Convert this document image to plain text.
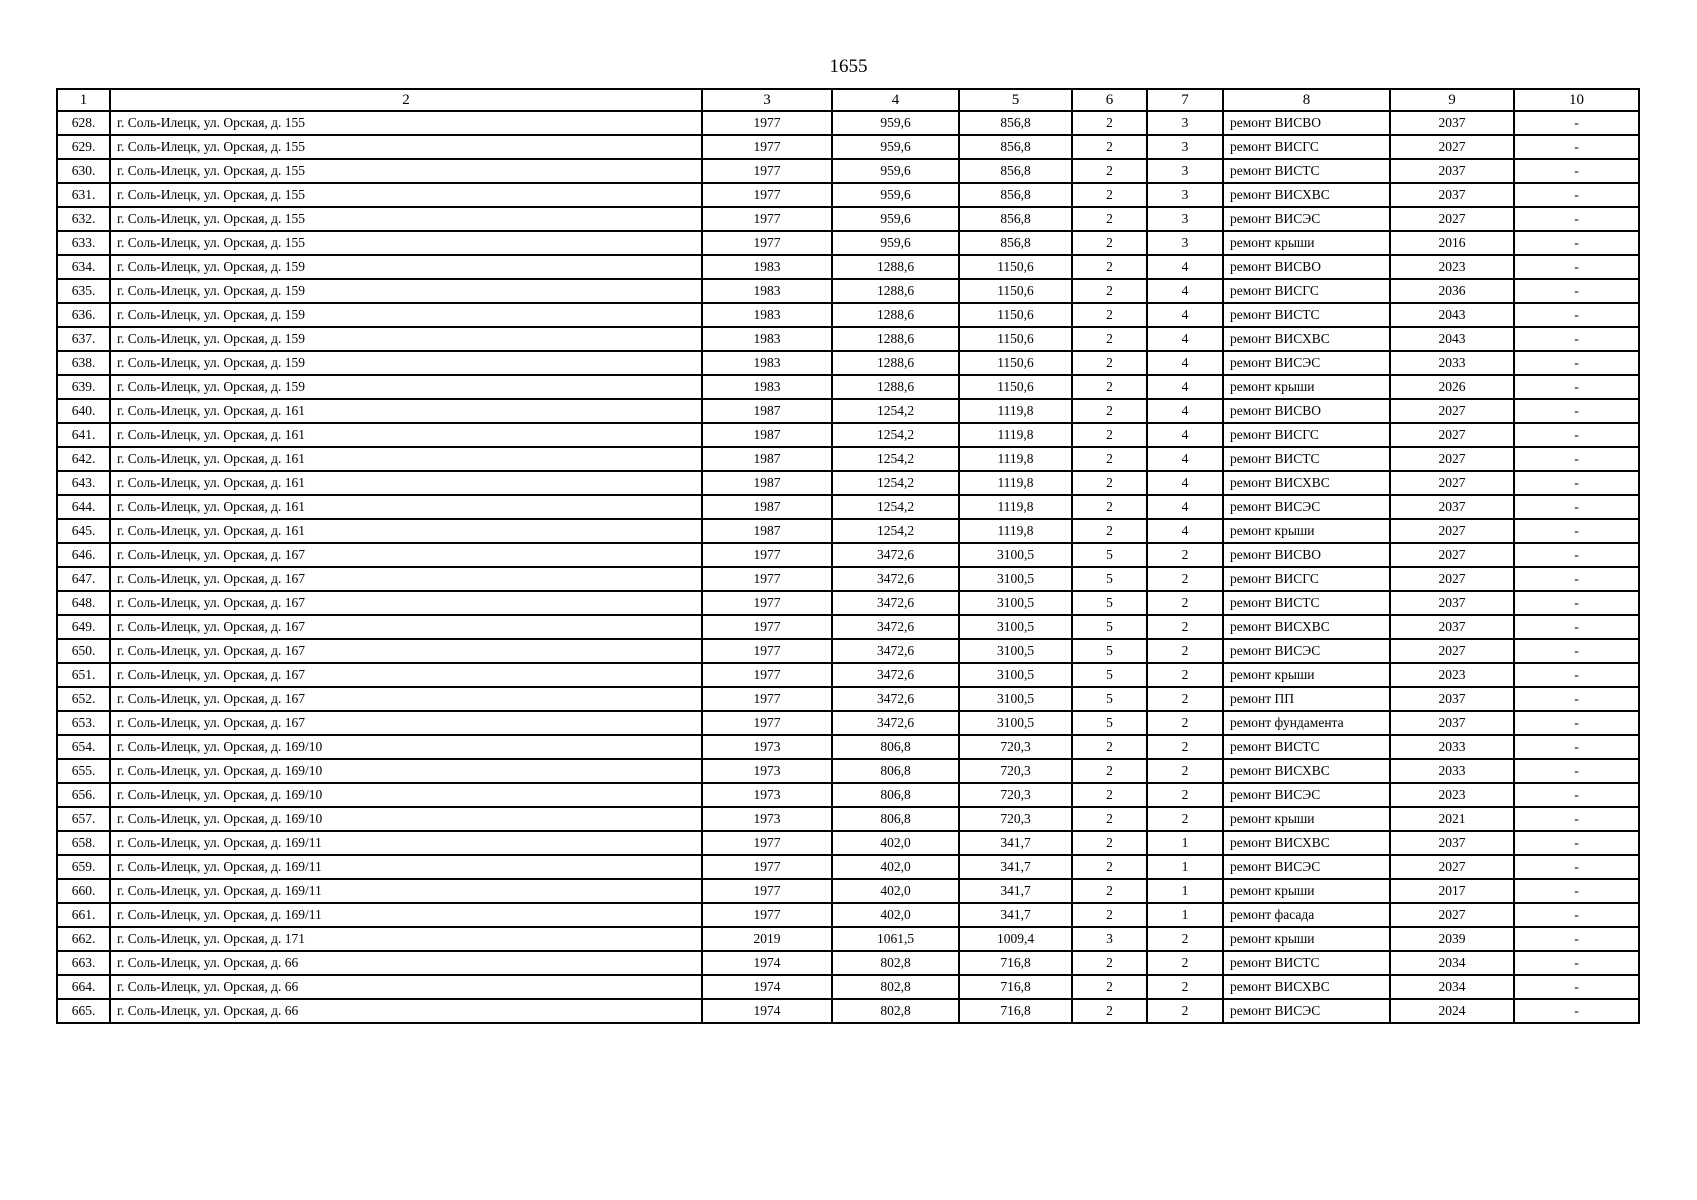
1655
1	2	3	4	5	6	7	8	9	10
628.	г. Соль-Илецк, ул. Орская, д. 155	1977	959,6	856,8	2	3	ремонт ВИСВО	2037	-
629.	г. Соль-Илецк, ул. Орская, д. 155	1977	959,6	856,8	2	3	ремонт ВИСГС	2027	-
630.	г. Соль-Илецк, ул. Орская, д. 155	1977	959,6	856,8	2	3	ремонт ВИСТС	2037	-
631.	г. Соль-Илецк, ул. Орская, д. 155	1977	959,6	856,8	2	3	ремонт ВИСХВС	2037	-
632.	г. Соль-Илецк, ул. Орская, д. 155	1977	959,6	856,8	2	3	ремонт ВИСЭС	2027	-
633.	г. Соль-Илецк, ул. Орская, д. 155	1977	959,6	856,8	2	3	ремонт крыши	2016	-
634.	г. Соль-Илецк, ул. Орская, д. 159	1983	1288,6	1150,6	2	4	ремонт ВИСВО	2023	-
635.	г. Соль-Илецк, ул. Орская, д. 159	1983	1288,6	1150,6	2	4	ремонт ВИСГС	2036	-
636.	г. Соль-Илецк, ул. Орская, д. 159	1983	1288,6	1150,6	2	4	ремонт ВИСТС	2043	-
637.	г. Соль-Илецк, ул. Орская, д. 159	1983	1288,6	1150,6	2	4	ремонт ВИСХВС	2043	-
638.	г. Соль-Илецк, ул. Орская, д. 159	1983	1288,6	1150,6	2	4	ремонт ВИСЭС	2033	-
639.	г. Соль-Илецк, ул. Орская, д. 159	1983	1288,6	1150,6	2	4	ремонт крыши	2026	-
640.	г. Соль-Илецк, ул. Орская, д. 161	1987	1254,2	1119,8	2	4	ремонт ВИСВО	2027	-
641.	г. Соль-Илецк, ул. Орская, д. 161	1987	1254,2	1119,8	2	4	ремонт ВИСГС	2027	-
642.	г. Соль-Илецк, ул. Орская, д. 161	1987	1254,2	1119,8	2	4	ремонт ВИСТС	2027	-
643.	г. Соль-Илецк, ул. Орская, д. 161	1987	1254,2	1119,8	2	4	ремонт ВИСХВС	2027	-
644.	г. Соль-Илецк, ул. Орская, д. 161	1987	1254,2	1119,8	2	4	ремонт ВИСЭС	2037	-
645.	г. Соль-Илецк, ул. Орская, д. 161	1987	1254,2	1119,8	2	4	ремонт крыши	2027	-
646.	г. Соль-Илецк, ул. Орская, д. 167	1977	3472,6	3100,5	5	2	ремонт ВИСВО	2027	-
647.	г. Соль-Илецк, ул. Орская, д. 167	1977	3472,6	3100,5	5	2	ремонт ВИСГС	2027	-
648.	г. Соль-Илецк, ул. Орская, д. 167	1977	3472,6	3100,5	5	2	ремонт ВИСТС	2037	-
649.	г. Соль-Илецк, ул. Орская, д. 167	1977	3472,6	3100,5	5	2	ремонт ВИСХВС	2037	-
650.	г. Соль-Илецк, ул. Орская, д. 167	1977	3472,6	3100,5	5	2	ремонт ВИСЭС	2027	-
651.	г. Соль-Илецк, ул. Орская, д. 167	1977	3472,6	3100,5	5	2	ремонт крыши	2023	-
652.	г. Соль-Илецк, ул. Орская, д. 167	1977	3472,6	3100,5	5	2	ремонт ПП	2037	-
653.	г. Соль-Илецк, ул. Орская, д. 167	1977	3472,6	3100,5	5	2	ремонт фундамента	2037	-
654.	г. Соль-Илецк, ул. Орская, д. 169/10	1973	806,8	720,3	2	2	ремонт ВИСТС	2033	-
655.	г. Соль-Илецк, ул. Орская, д. 169/10	1973	806,8	720,3	2	2	ремонт ВИСХВС	2033	-
656.	г. Соль-Илецк, ул. Орская, д. 169/10	1973	806,8	720,3	2	2	ремонт ВИСЭС	2023	-
657.	г. Соль-Илецк, ул. Орская, д. 169/10	1973	806,8	720,3	2	2	ремонт крыши	2021	-
658.	г. Соль-Илецк, ул. Орская, д. 169/11	1977	402,0	341,7	2	1	ремонт ВИСХВС	2037	-
659.	г. Соль-Илецк, ул. Орская, д. 169/11	1977	402,0	341,7	2	1	ремонт ВИСЭС	2027	-
660.	г. Соль-Илецк, ул. Орская, д. 169/11	1977	402,0	341,7	2	1	ремонт крыши	2017	-
661.	г. Соль-Илецк, ул. Орская, д. 169/11	1977	402,0	341,7	2	1	ремонт фасада	2027	-
662.	г. Соль-Илецк, ул. Орская, д. 171	2019	1061,5	1009,4	3	2	ремонт крыши	2039	-
663.	г. Соль-Илецк, ул. Орская, д. 66	1974	802,8	716,8	2	2	ремонт ВИСТС	2034	-
664.	г. Соль-Илецк, ул. Орская, д. 66	1974	802,8	716,8	2	2	ремонт ВИСХВС	2034	-
665.	г. Соль-Илецк, ул. Орская, д. 66	1974	802,8	716,8	2	2	ремонт ВИСЭС	2024	-
